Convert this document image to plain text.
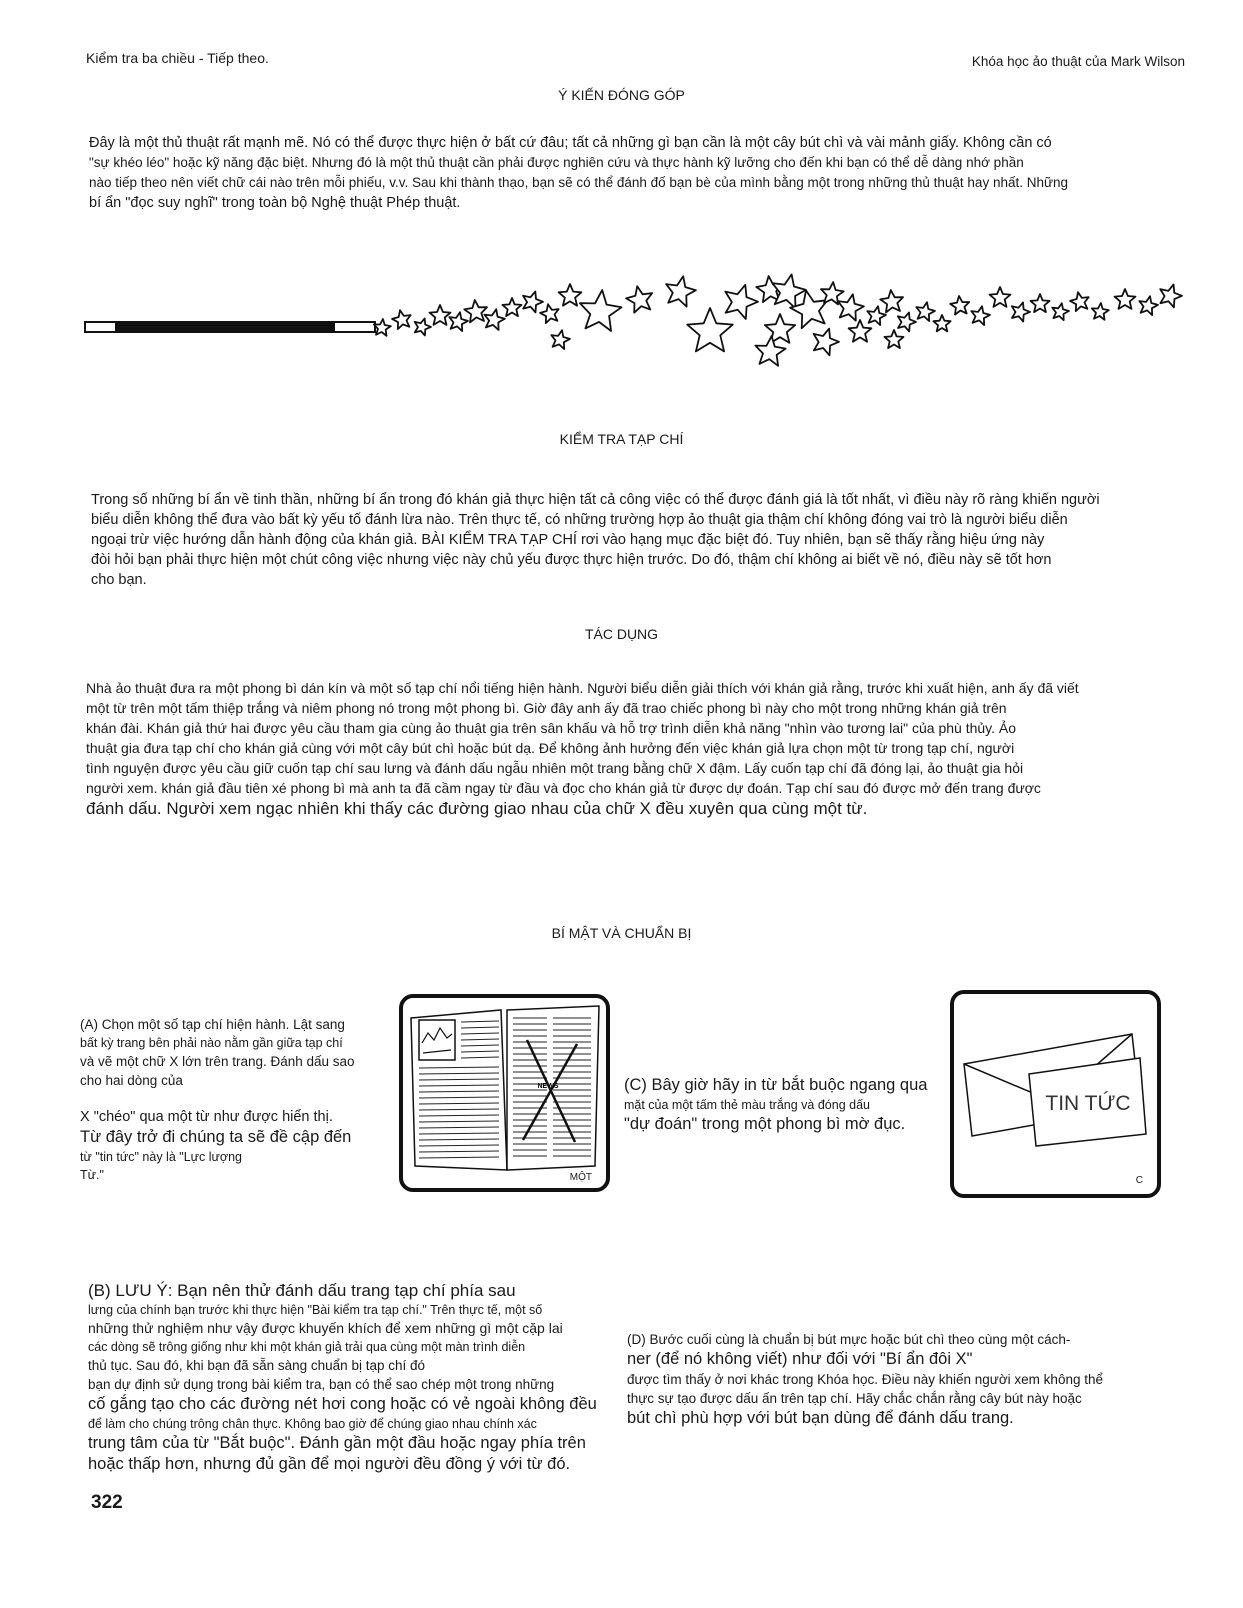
Kiểm tra ba chiều - Tiếp theo.	Khóa học ảo thuật của Mark Wilson
Ý KIẾN ĐÓNG GÓP

Đây là một thủ thuật rất mạnh mẽ. Nó có thể được thực hiện ở bất cứ đâu; tất cả những gì bạn cần là một cây bút chì và vài mảnh giấy. Không cần có

"sự khéo léo" hoặc kỹ năng đặc biệt. Nhưng đó là một thủ thuật cần phải được nghiên cứu và thực hành kỹ lưỡng cho đến khi bạn có thể dễ dàng nhớ phần

nào tiếp theo nên viết chữ cái nào trên mỗi phiếu, v.v. Sau khi thành thạo, bạn sẽ có thể đánh đố bạn bè của mình bằng một trong những thủ thuật hay nhất. Những

bí ẩn "đọc suy nghĩ" trong toàn bộ Nghệ thuật Phép thuật.

KIỂM TRA TẠP CHÍ

Trong số những bí ẩn về tinh thần, những bí ẩn trong đó khán giả thực hiện tất cả công việc có thể được đánh giá là tốt nhất, vì điều này rõ ràng khiến người

biểu diễn không thể đưa vào bất kỳ yếu tố đánh lừa nào. Trên thực tế, có những trường hợp ảo thuật gia thậm chí không đóng vai trò là người biểu diễn

ngoại trừ việc hướng dẫn hành động của khán giả. BÀI KIỂM TRA TẠP CHÍ rơi vào hạng mục đặc biệt đó. Tuy nhiên, bạn sẽ thấy rằng hiệu ứng này

đòi hỏi bạn phải thực hiện một chút công việc nhưng việc này chủ yếu được thực hiện trước. Do đó, thậm chí không ai biết về nó, điều này sẽ tốt hơn

cho bạn.

TÁC DỤNG

Nhà ảo thuật đưa ra một phong bì dán kín và một số tạp chí nổi tiếng hiện hành. Người biểu diễn giải thích với khán giả rằng, trước khi xuất hiện, anh ấy đã viết

một từ trên một tấm thiệp trắng và niêm phong nó trong một phong bì. Giờ đây anh ấy đã trao chiếc phong bì này cho một trong những khán giả trên

khán đài. Khán giả thứ hai được yêu cầu tham gia cùng ảo thuật gia trên sân khấu và hỗ trợ trình diễn khả năng "nhìn vào tương lai" của phù thủy. Ảo

thuật gia đưa tạp chí cho khán giả cùng với một cây bút chì hoặc bút dạ. Để không ảnh hưởng đến việc khán giả lựa chọn một từ trong tạp chí, người

tình nguyện được yêu cầu giữ cuốn tạp chí sau lưng và đánh dấu ngẫu nhiên một trang bằng chữ X đậm. Lấy cuốn tạp chí đã đóng lại, ảo thuật gia hỏi

người xem. khán giả đầu tiên xé phong bì mà anh ta đã cầm ngay từ đầu và đọc cho khán giả từ được dự đoán. Tạp chí sau đó được mở đến trang được

đánh dấu. Người xem ngạc nhiên khi thấy các đường giao nhau của chữ X đều xuyên qua cùng một từ.

BÍ MẬT VÀ CHUẨN BỊ
(A) Chọn một số tạp chí hiện hành. Lật sang
bất kỳ trang bên phải nào nằm gần giữa tạp chí
và vẽ một chữ X lớn trên trang. Đánh dấu sao
cho hai dòng của
X "chéo" qua một từ như được hiển thị.
Từ đây trở đi chúng ta sẽ đề cập đến
từ "tin tức" này là "Lực lượng
Từ."
NEWS
MỘT
(C) Bây giờ hãy in từ bắt buộc ngang qua
mặt của một tấm thẻ màu trắng và đóng dấu
"dự đoán" trong một phong bì mờ đục.
TIN TỨC
C
(B) LƯU Ý: Bạn nên thử đánh dấu trang tạp chí phía sau
lưng của chính bạn trước khi thực hiện "Bài kiểm tra tạp chí." Trên thực tế, một số
những thử nghiệm như vậy được khuyến khích để xem những gì một cặp lai
các dòng sẽ trông giống như khi một khán giả trải qua cùng một màn trình diễn
thủ tục. Sau đó, khi bạn đã sẵn sàng chuẩn bị tạp chí đó
bạn dự định sử dụng trong bài kiểm tra, bạn có thể sao chép một trong những
cố gắng tạo cho các đường nét hơi cong hoặc có vẻ ngoài không đều
để làm cho chúng trông chân thực. Không bao giờ để chúng giao nhau chính xác
trung tâm của từ "Bắt buộc". Đánh gần một đầu hoặc ngay phía trên
hoặc thấp hơn, nhưng đủ gần để mọi người đều đồng ý với từ đó.
(D) Bước cuối cùng là chuẩn bị bút mực hoặc bút chì theo cùng một cách-
ner (để nó không viết) như đối với "Bí ẩn đôi X"
được tìm thấy ở nơi khác trong Khóa học. Điều này khiến người xem không thể
thực sự tạo được dấu ấn trên tạp chí. Hãy chắc chắn rằng cây bút này hoặc
bút chì phù hợp với bút bạn dùng để đánh dấu trang.
322
